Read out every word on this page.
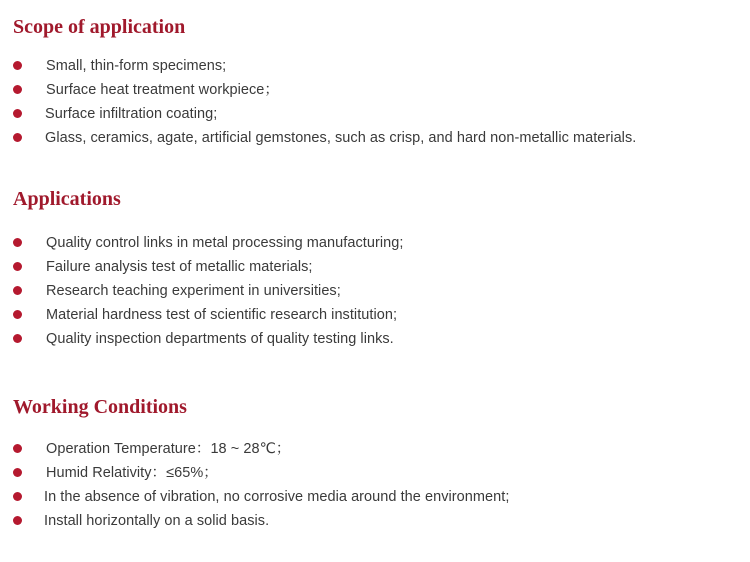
Scope of application
Small, thin-form specimens;
Surface heat treatment workpiece；
Surface infiltration coating;
Glass, ceramics, agate, artificial gemstones, such as crisp, and hard non-metallic materials.
Applications
Quality control links in metal processing manufacturing;
Failure analysis test of metallic materials;
Research teaching experiment in universities;
Material hardness test of scientific research institution;
Quality inspection departments of quality testing links.
Working Conditions
Operation Temperature：18 ~ 28℃；
Humid Relativity：≤65%；
In the absence of vibration, no corrosive media around the environment;
Install horizontally on a solid basis.
